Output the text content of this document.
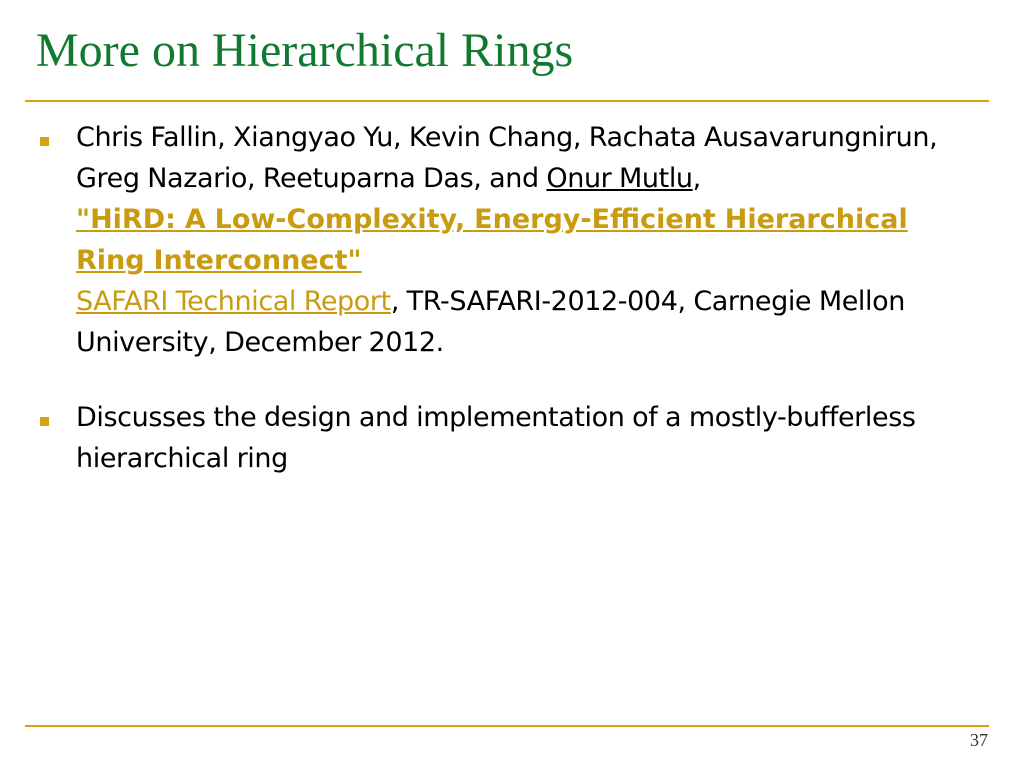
More on Hierarchical Rings
Chris Fallin, Xiangyao Yu, Kevin Chang, Rachata Ausavarungnirun, Greg Nazario, Reetuparna Das, and Onur Mutlu,
"HiRD: A Low-Complexity, Energy-Efficient Hierarchical Ring Interconnect"
SAFARI Technical Report, TR-SAFARI-2012-004, Carnegie Mellon University, December 2012.
Discusses the design and implementation of a mostly-bufferless hierarchical ring
37
